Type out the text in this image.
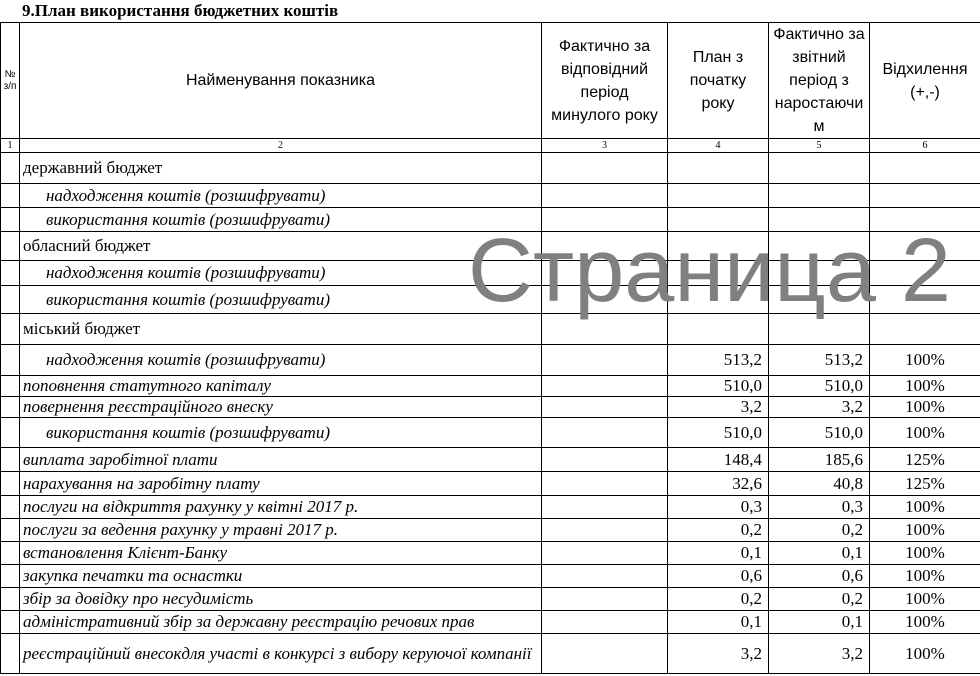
9.План використання бюджетних коштів
№ з/п	Найменування показника	Фактично за відповідний період минулого року	План з початку року	Фактично за звітний період з наростаючи м	Відхилення (+,-)
1	2	3	4	5	6
	державний бюджет				
	надходження коштів (розшифрувати)				
	використання коштів (розшифрувати)				
	обласний бюджет				
	надходження коштів (розшифрувати)				
	використання коштів (розшифрувати)				
	міський бюджет				
	надходження коштів (розшифрувати)		513,2	513,2	100%
	поповнення статутного капіталу		510,0	510,0	100%
	повернення реєстраційного внеску		3,2	3,2	100%
	використання коштів (розшифрувати)		510,0	510,0	100%
	виплата заробітної плати		148,4	185,6	125%
	нарахування на заробітну плату		32,6	40,8	125%
	послуги на відкриття рахунку у квітні 2017 р.		0,3	0,3	100%
	послуги за ведення рахунку у травні 2017 р.		0,2	0,2	100%
	встановлення Клієнт-Банку		0,1	0,1	100%
	закупка печатки та оснастки		0,6	0,6	100%
	збір за довідку про несудимість		0,2	0,2	100%
	адміністративний збір за державну реєстрацію речових прав		0,1	0,1	100%
	реєстраційний внесокдля участі в конкурсі з вибору керуючої компанії		3,2	3,2	100%
Страница 2
